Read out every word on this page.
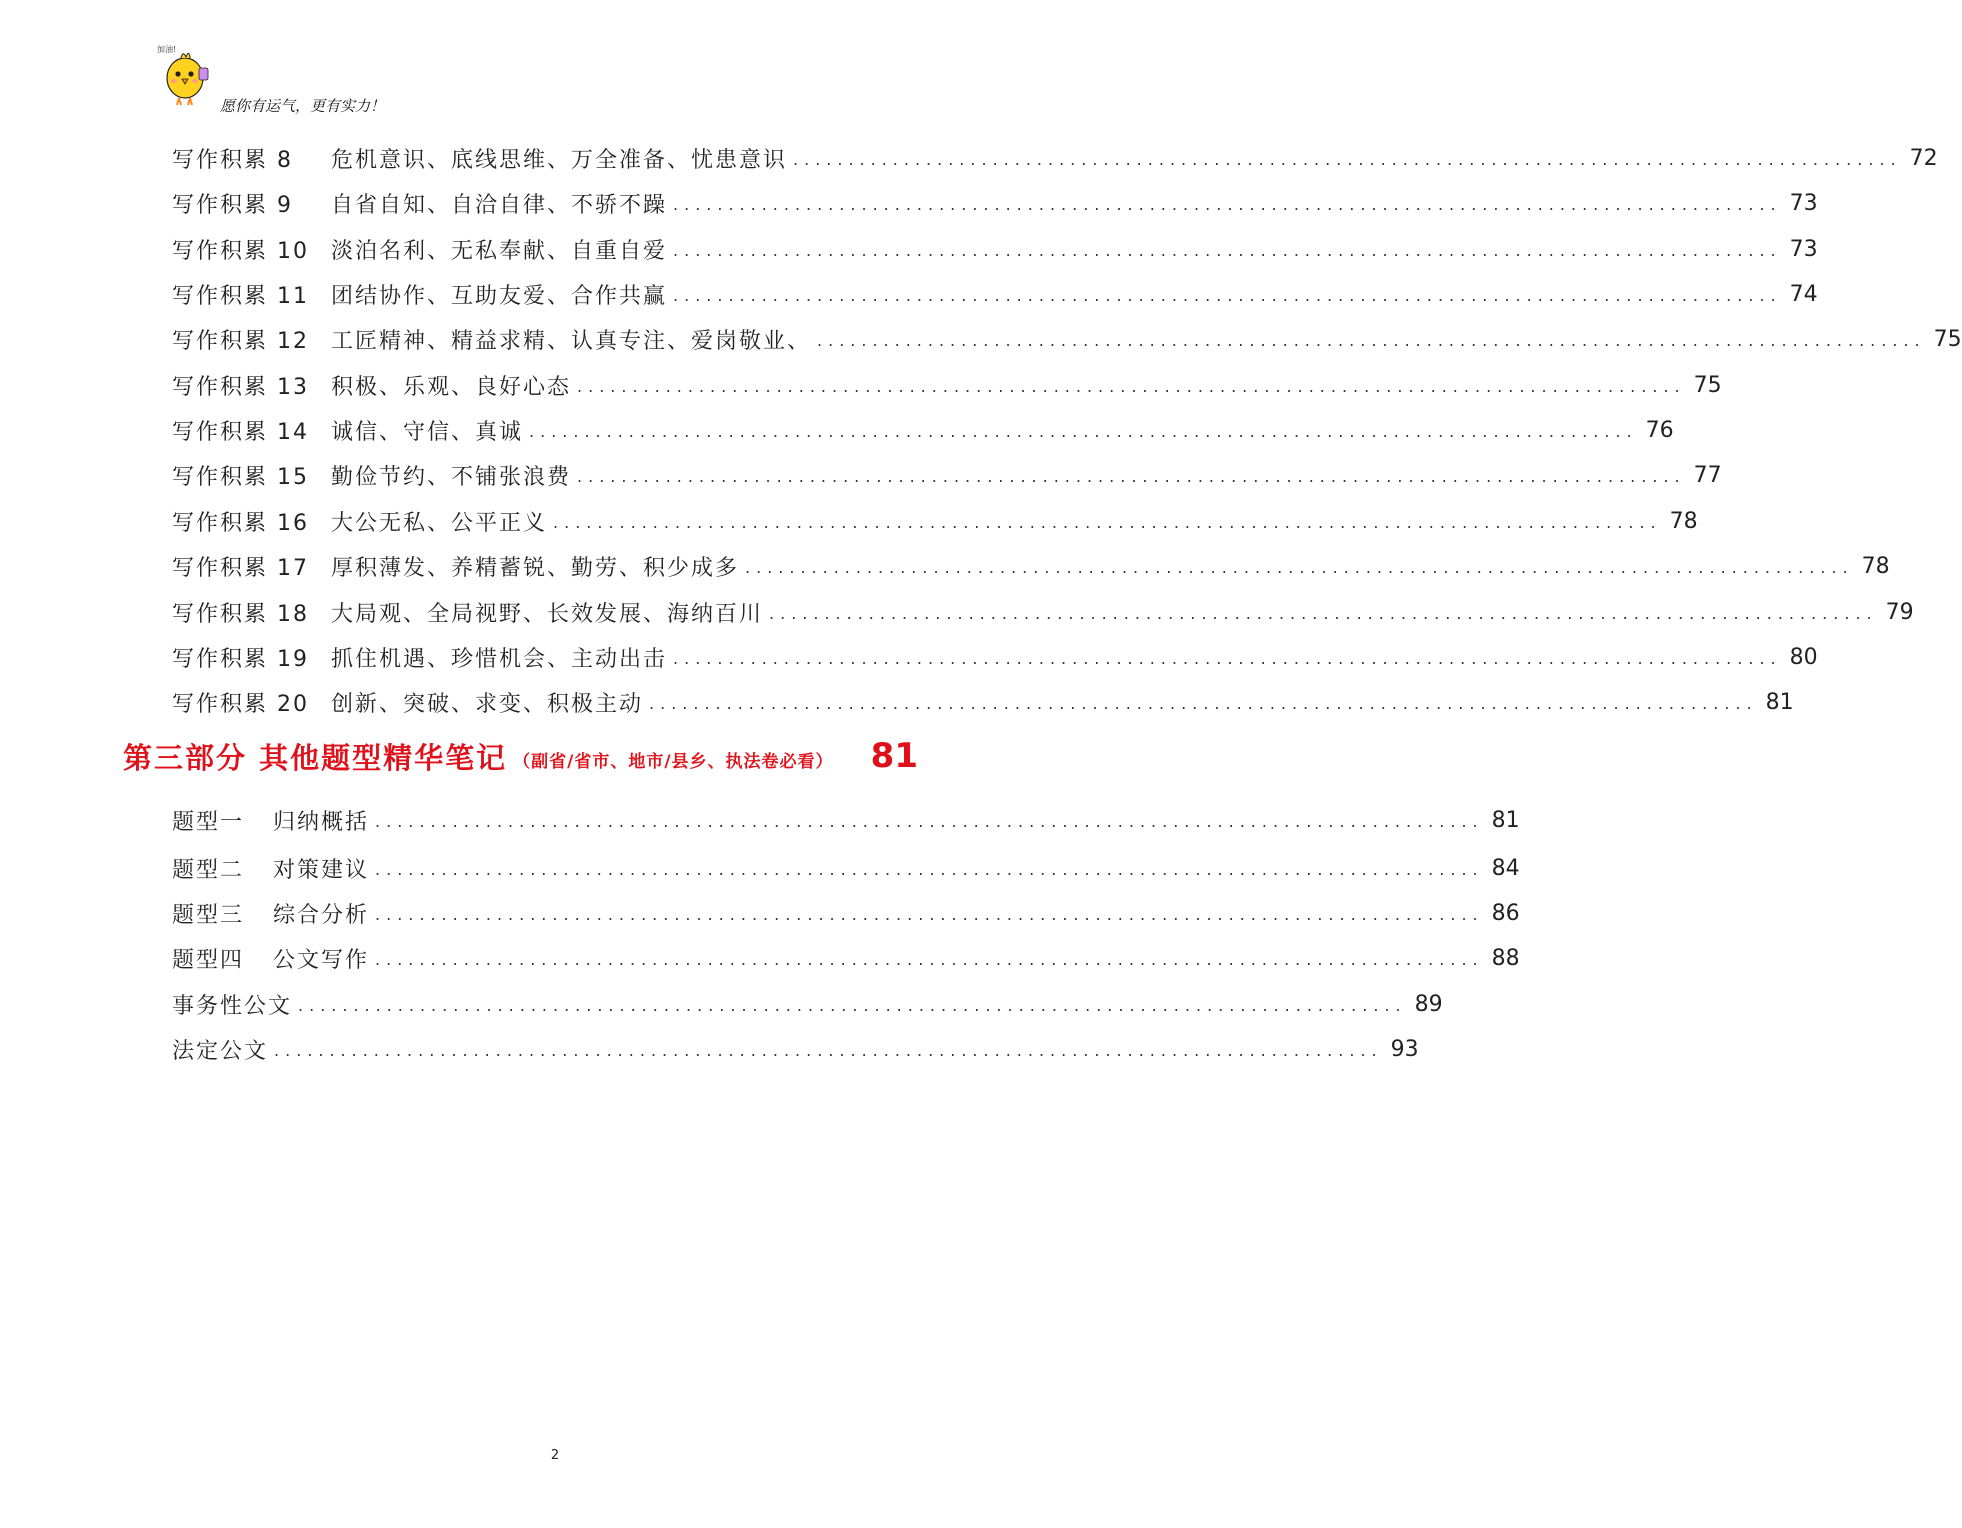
加油!
愿你有运气，更有实力！
写作积累 8	危机意识、底线思维、万全准备、忧患意识 .................................................................................................... 72
写作积累 9	自省自知、自洽自律、不骄不躁 .................................................................................................... 73
写作积累 10	淡泊名利、无私奉献、自重自爱 .................................................................................................... 73
写作积累 11	团结协作、互助友爱、合作共赢 .................................................................................................... 74
写作积累 12	工匠精神、精益求精、认真专注、爱岗敬业、 .................................................................................................... 75
写作积累 13	积极、乐观、良好心态 .................................................................................................... 75
写作积累 14	诚信、守信、真诚 .................................................................................................... 76
写作积累 15	勤俭节约、不铺张浪费 .................................................................................................... 77
写作积累 16	大公无私、公平正义 .................................................................................................... 78
写作积累 17	厚积薄发、养精蓄锐、勤劳、积少成多 .................................................................................................... 78
写作积累 18	大局观、全局视野、长效发展、海纳百川 .................................................................................................... 79
写作积累 19	抓住机遇、珍惜机会、主动出击 .................................................................................................... 80
写作积累 20	创新、突破、求变、积极主动 .................................................................................................... 81
第三部分 其他题型精华笔记 （副省/省市、地市/县乡、执法卷必看） 81
题型一	归纳概括 .................................................................................................... 81
题型二	对策建议 .................................................................................................... 84
题型三	综合分析 .................................................................................................... 86
题型四	公文写作 .................................................................................................... 88
事务性公文 .................................................................................................... 89
法定公文 .................................................................................................... 93
2
